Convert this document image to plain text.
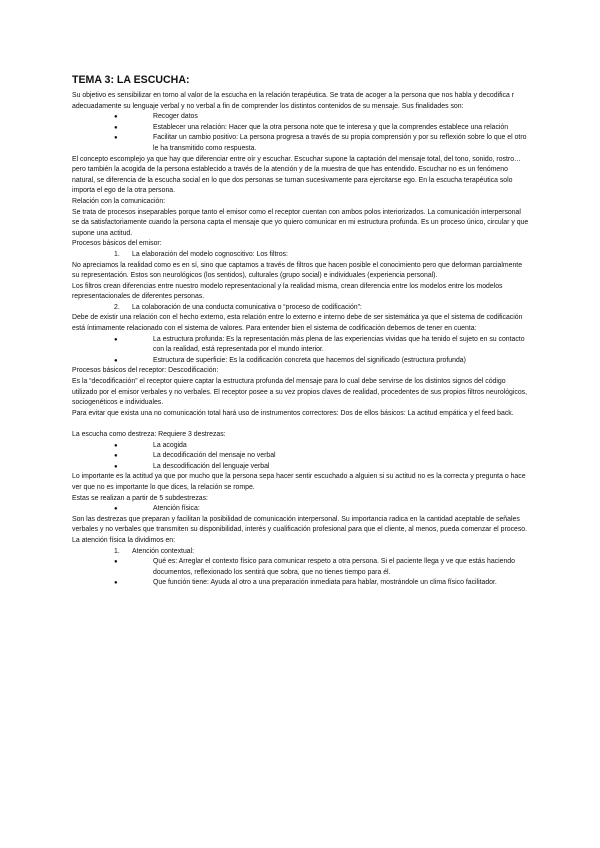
TEMA 3: LA ESCUCHA:

Su objetivo es sensibilizar en torno al valor de la escucha en la relación terapéutica. Se trata de acoger a la persona que nos habla y decodifica r adecuadamente su lenguaje verbal y no verbal a fin de comprender los distintos contenidos de su mensaje. Sus finalidades son:

●	Recoger datos
●	Establecer una relación: Hacer que la otra persona note que te interesa y que la comprendes establece una relación
●	Facilitar un cambio positivo: La persona progresa a través de su propia comprensión y por su reflexión sobre lo que el otro le ha transmitido como respuesta.

El concepto escomplejo ya que hay que diferenciar entre oír y escuchar. Escuchar supone la captación del mensaje total, del tono, sonido, rostro…pero también la acogida de la persona establecido a través de la atención y de la muestra de que has entendido. Escuchar no es un fenómeno natural, se diferencia de la escucha social en lo que dos personas se turnan sucesivamente para ejercitarse ego. En la escucha terapéutica solo importa el ego de la otra persona.

Relación con la comunicación:

Se trata de procesos inseparables porque tanto el emisor como el receptor cuentan con ambos polos interiorizados. La comunicación interpersonal se da satisfactoriamente cuando la persona capta el mensaje que yo quiero comunicar en mi estructura profunda. Es un proceso único, circular y que supone una actitud.

Procesos básicos del emisor:

1. La elaboración del modelo cognoscitivo: Los filtros:

No apreciamos la realidad como es en sí, sino que captamos a través de filtros que hacen posible el conocimiento pero que deforman parcialmente su representación. Estos son neurológicos (los sentidos), culturales (grupo social) e individuales (experiencia personal).

Los filtros crean diferencias entre nuestro modelo representacional y la realidad misma, crean diferencia entre los modelos entre los modelos representacionales de diferentes personas.

2. La colaboración de una conducta comunicativa o “proceso de codificación”:

Debe de existir una relación con el hecho externo, esta relación entre lo externo e interno debe de ser sistemática ya que el sistema de codificación está íntimamente relacionado con el sistema de valores. Para entender bien el sistema de codificación debemos de tener en cuenta:

●	La estructura profunda: Es la representación más plena de las experiencias vividas que ha tenido el sujeto en su contacto con la realidad, está representada por el mundo interior.
●	Estructura de superficie: Es la codificación concreta que hacemos del significado (estructura profunda)

Procesos básicos del receptor: Descodificación:

Es la “decodificación” el receptor quiere captar la estructura profunda del mensaje para lo cual debe servirse de los distintos signos del código utilizado por el emisor verbales y no verbales. El receptor posee a su vez propios claves de realidad, procedentes de sus propios filtros neurológicos, sociogenéticos e individuales.

Para evitar que exista una no comunicación total hará uso de instrumentos correctores: Dos de ellos básicos: La actitud empática y el feed back.

La escucha como destreza: Requiere 3 destrezas:

●	La acogida
●	La decodificación del mensaje no verbal
●	La descodificación del lenguaje verbal

Lo importante es la actitud ya que por mucho que la persona sepa hacer sentir escuchado a alguien si su actitud no es la correcta y pregunta o hace ver que no es importante lo que dices, la relación se rompe.

Estas se realizan a partir de 5 subdestrezas:

●	Atención física:

Son las destrezas que preparan y facilitan la posibilidad de comunicación interpersonal. Su importancia radica en la cantidad aceptable de señales verbales y no verbales que transmiten su disponibilidad, interés y cualificación profesional para que el cliente, al menos, pueda comenzar el proceso.

La atención física la dividimos en:

1. Atención contextual:
●	Qué es: Arreglar el contexto físico para comunicar respeto a otra persona. Si el paciente llega y ve que estás haciendo documentos, reflexionado los sentirá que sobra, que no tienes tiempo para él.
●	Que función tiene: Ayuda al otro a una preparación inmediata para hablar, mostrándole un clima físico facilitador.
